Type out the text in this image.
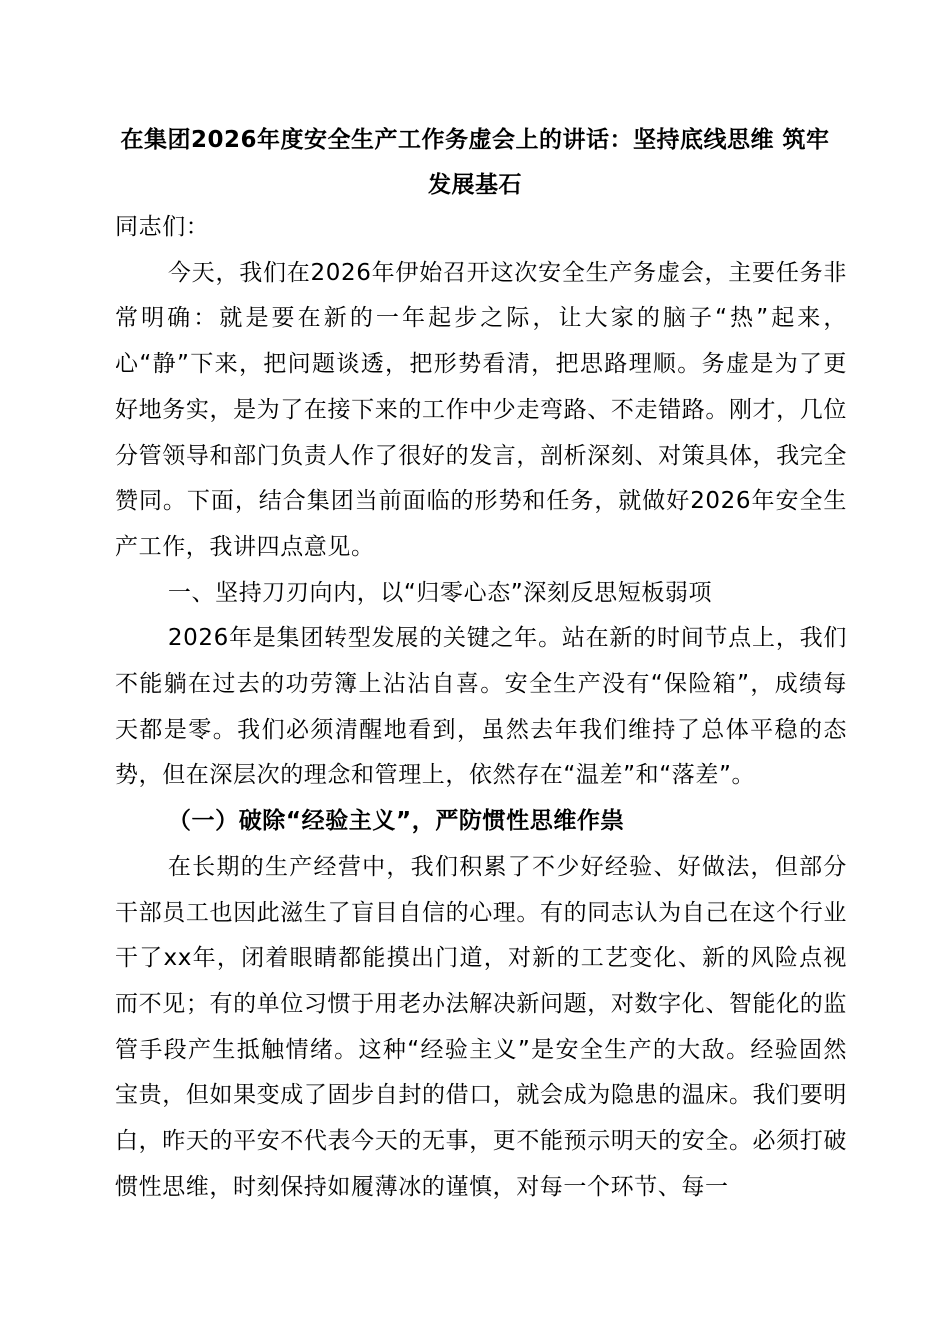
在集团2026年度安全生产工作务虚会上的讲话：坚持底线思维 筑牢发展基石

同志们：

今天，我们在2026年伊始召开这次安全生产务虚会，主要任务非常明确：就是要在新的一年起步之际，让大家的脑子“热”起来，心“静”下来，把问题谈透，把形势看清，把思路理顺。务虚是为了更好地务实，是为了在接下来的工作中少走弯路、不走错路。刚才，几位分管领导和部门负责人作了很好的发言，剖析深刻、对策具体，我完全赞同。下面，结合集团当前面临的形势和任务，就做好2026年安全生产工作，我讲四点意见。

一、坚持刀刃向内，以“归零心态”深刻反思短板弱项

2026年是集团转型发展的关键之年。站在新的时间节点上，我们不能躺在过去的功劳簿上沾沾自喜。安全生产没有“保险箱”，成绩每天都是零。我们必须清醒地看到，虽然去年我们维持了总体平稳的态势，但在深层次的理念和管理上，依然存在“温差”和“落差”。

（一）破除“经验主义”，严防惯性思维作祟

在长期的生产经营中，我们积累了不少好经验、好做法，但部分干部员工也因此滋生了盲目自信的心理。有的同志认为自己在这个行业干了xx年，闭着眼睛都能摸出门道，对新的工艺变化、新的风险点视而不见；有的单位习惯于用老办法解决新问题，对数字化、智能化的监管手段产生抵触情绪。这种“经验主义”是安全生产的大敌。经验固然宝贵，但如果变成了固步自封的借口，就会成为隐患的温床。我们要明白，昨天的平安不代表今天的无事，更不能预示明天的安全。必须打破惯性思维，时刻保持如履薄冰的谨慎，对每一个环节、每一
